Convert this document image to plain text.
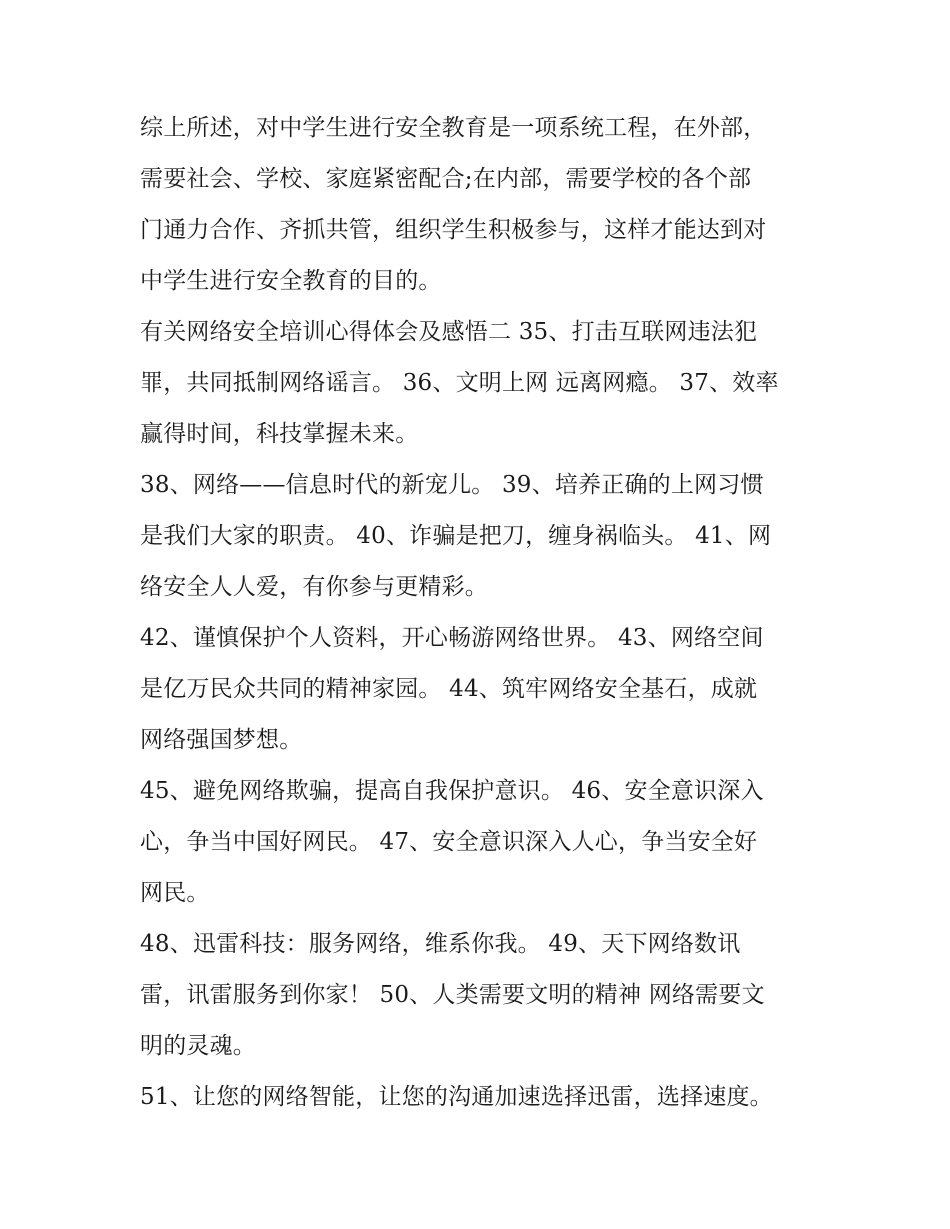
综上所述，对中学生进行安全教育是一项系统工程，在外部，
需要社会、学校、家庭紧密配合;在内部，需要学校的各个部
门通力合作、齐抓共管，组织学生积极参与，这样才能达到对
中学生进行安全教育的目的。
有关网络安全培训心得体会及感悟二 35、打击互联网违法犯
罪，共同抵制网络谣言。 36、文明上网 远离网瘾。 37、效率
赢得时间，科技掌握未来。
38、网络——信息时代的新宠儿。 39、培养正确的上网习惯
是我们大家的职责。 40、诈骗是把刀，缠身祸临头。 41、网
络安全人人爱，有你参与更精彩。
42、谨慎保护个人资料，开心畅游网络世界。 43、网络空间
是亿万民众共同的精神家园。 44、筑牢网络安全基石，成就
网络强国梦想。
45、避免网络欺骗，提高自我保护意识。 46、安全意识深入
心，争当中国好网民。 47、安全意识深入人心，争当安全好
网民。
48、迅雷科技：服务网络，维系你我。 49、天下网络数讯
雷，讯雷服务到你家！ 50、人类需要文明的精神 网络需要文
明的灵魂。
51、让您的网络智能，让您的沟通加速选择迅雷，选择速度。
